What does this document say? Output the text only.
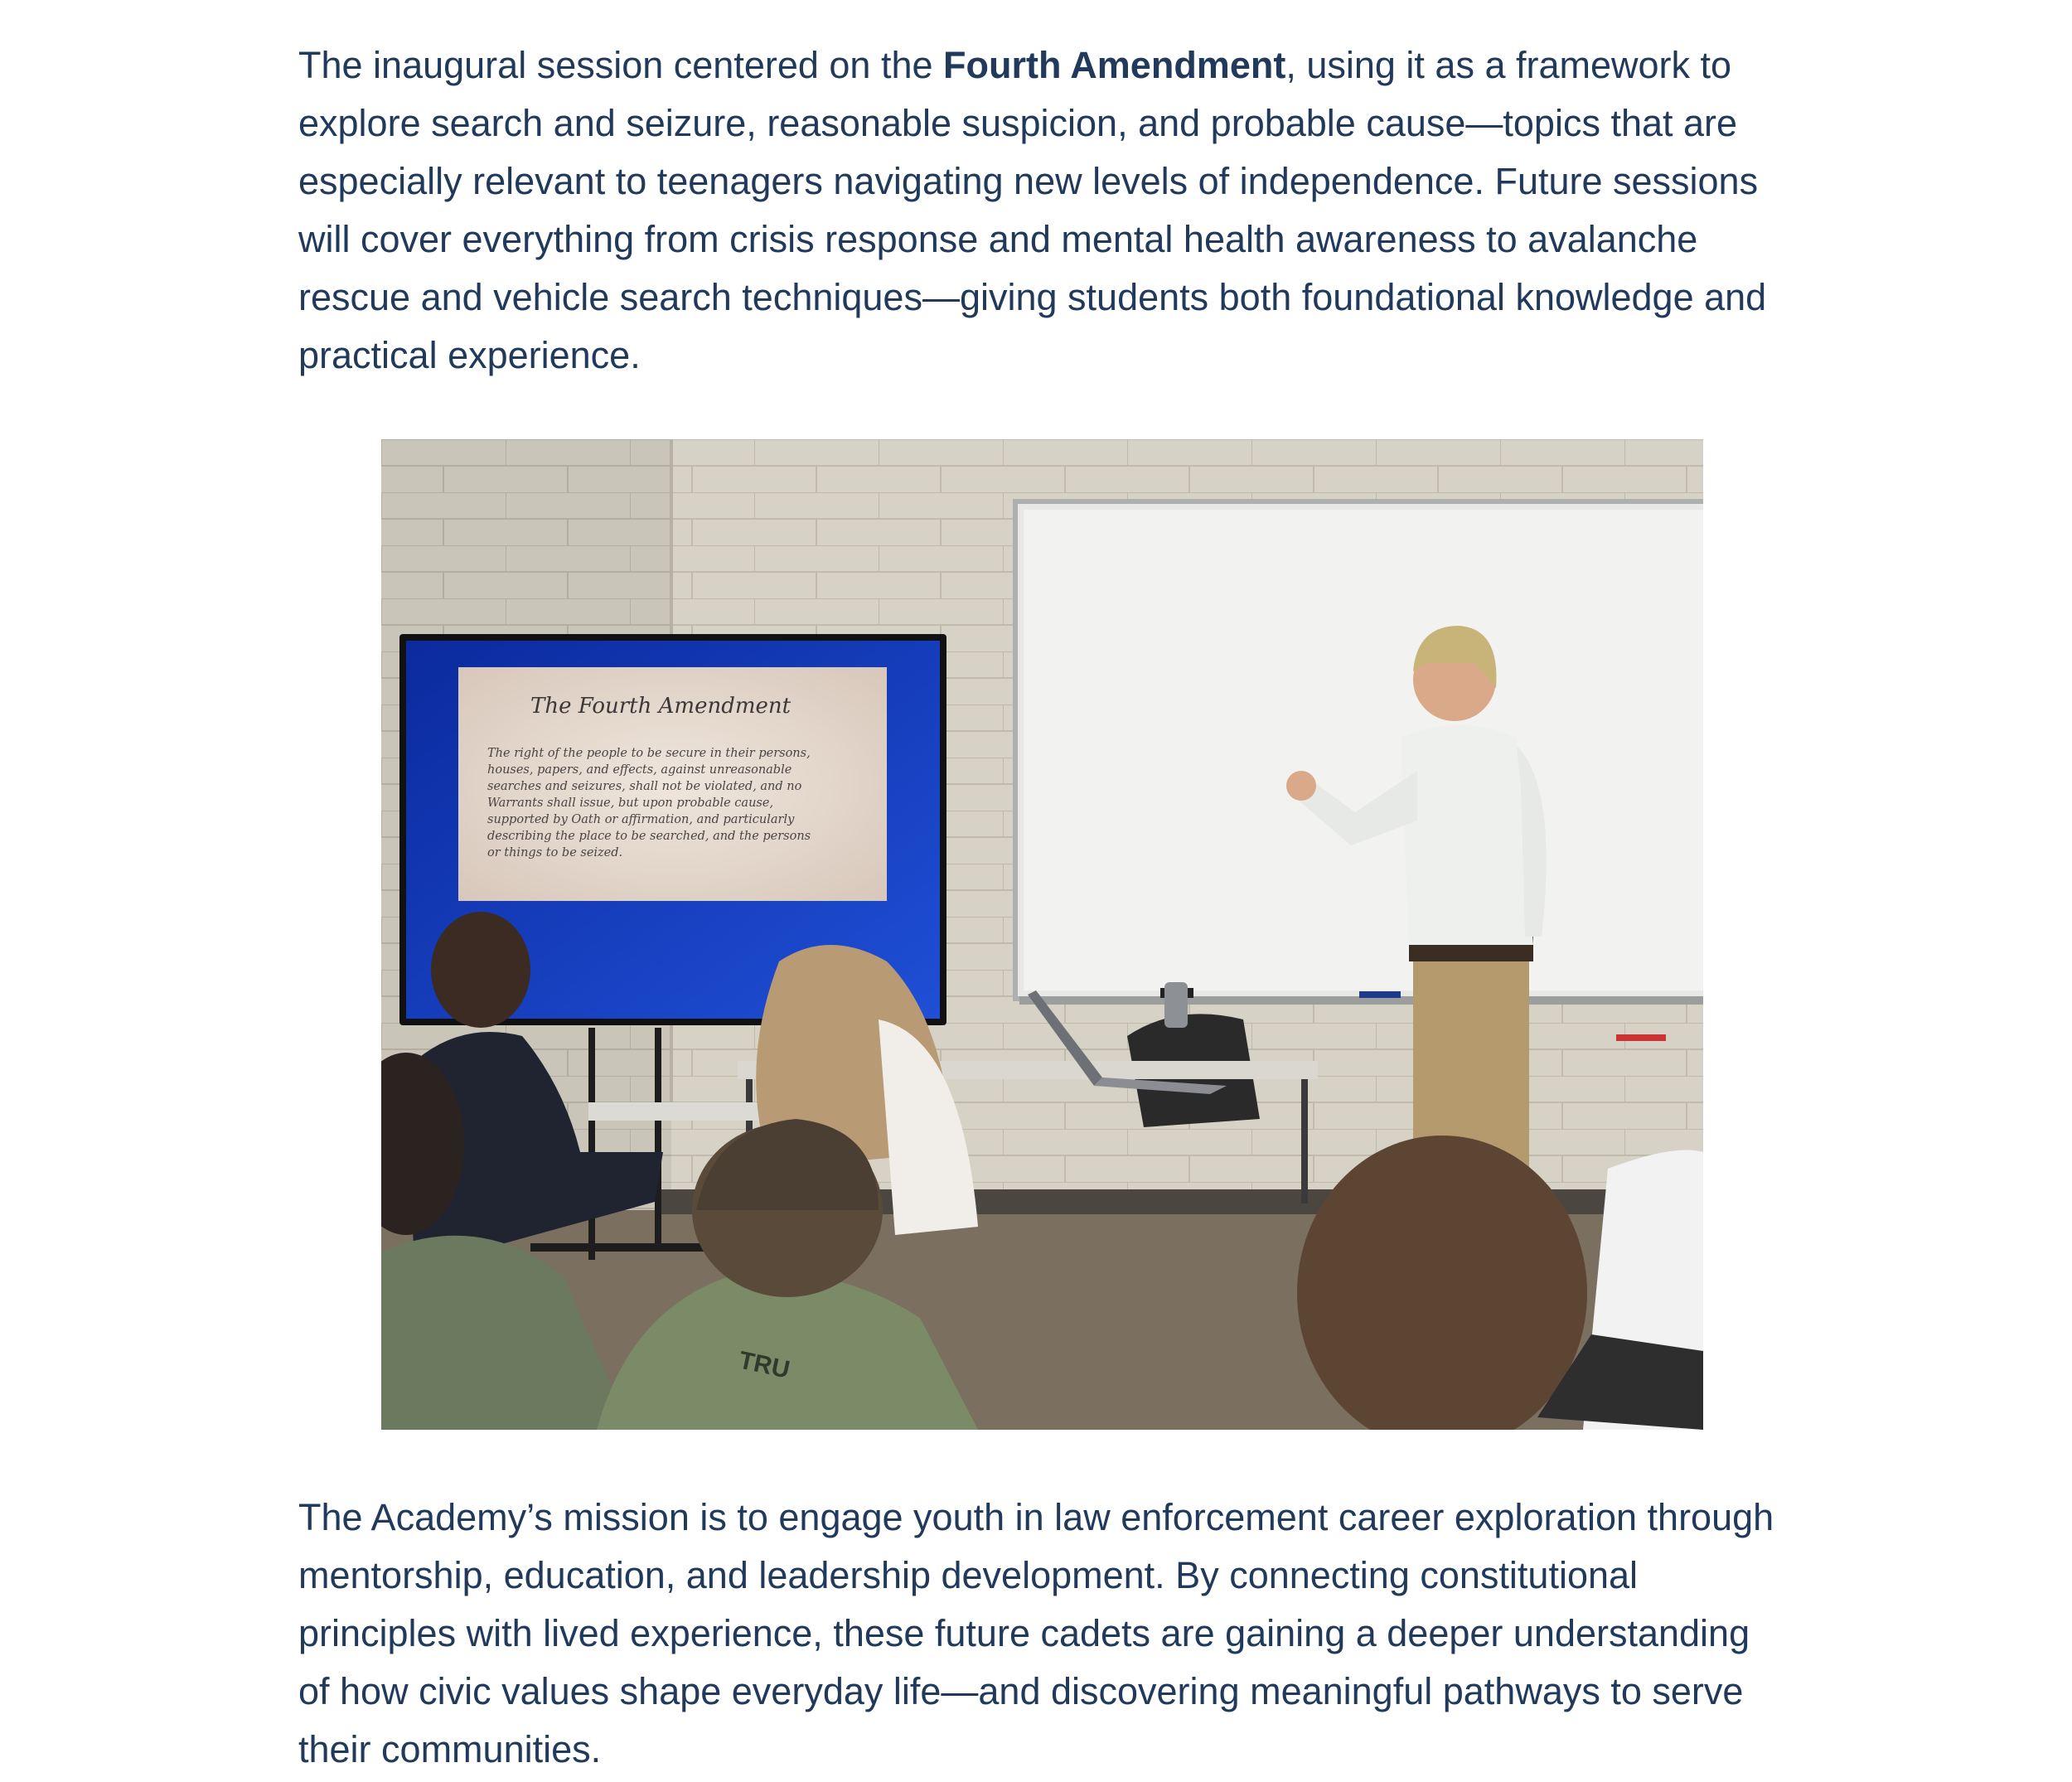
The inaugural session centered on the Fourth Amendment, using it as a framework to explore search and seizure, reasonable suspicion, and probable cause—topics that are especially relevant to teenagers navigating new levels of independence. Future sessions will cover everything from crisis response and mental health awareness to avalanche rescue and vehicle search techniques—giving students both foundational knowledge and practical experience.

The Fourth Amendment
The right of the people to be secure in their persons,
houses, papers, and effects, against unreasonable
searches and seizures, shall not be violated, and no
Warrants shall issue, but upon probable cause,
supported by Oath or affirmation, and particularly
describing the place to be searched, and the persons
or things to be seized.
TRU

The Academy’s mission is to engage youth in law enforcement career exploration through mentorship, education, and leadership development. By connecting constitutional principles with lived experience, these future cadets are gaining a deeper understanding of how civic values shape everyday life—and discovering meaningful pathways to serve their communities.
